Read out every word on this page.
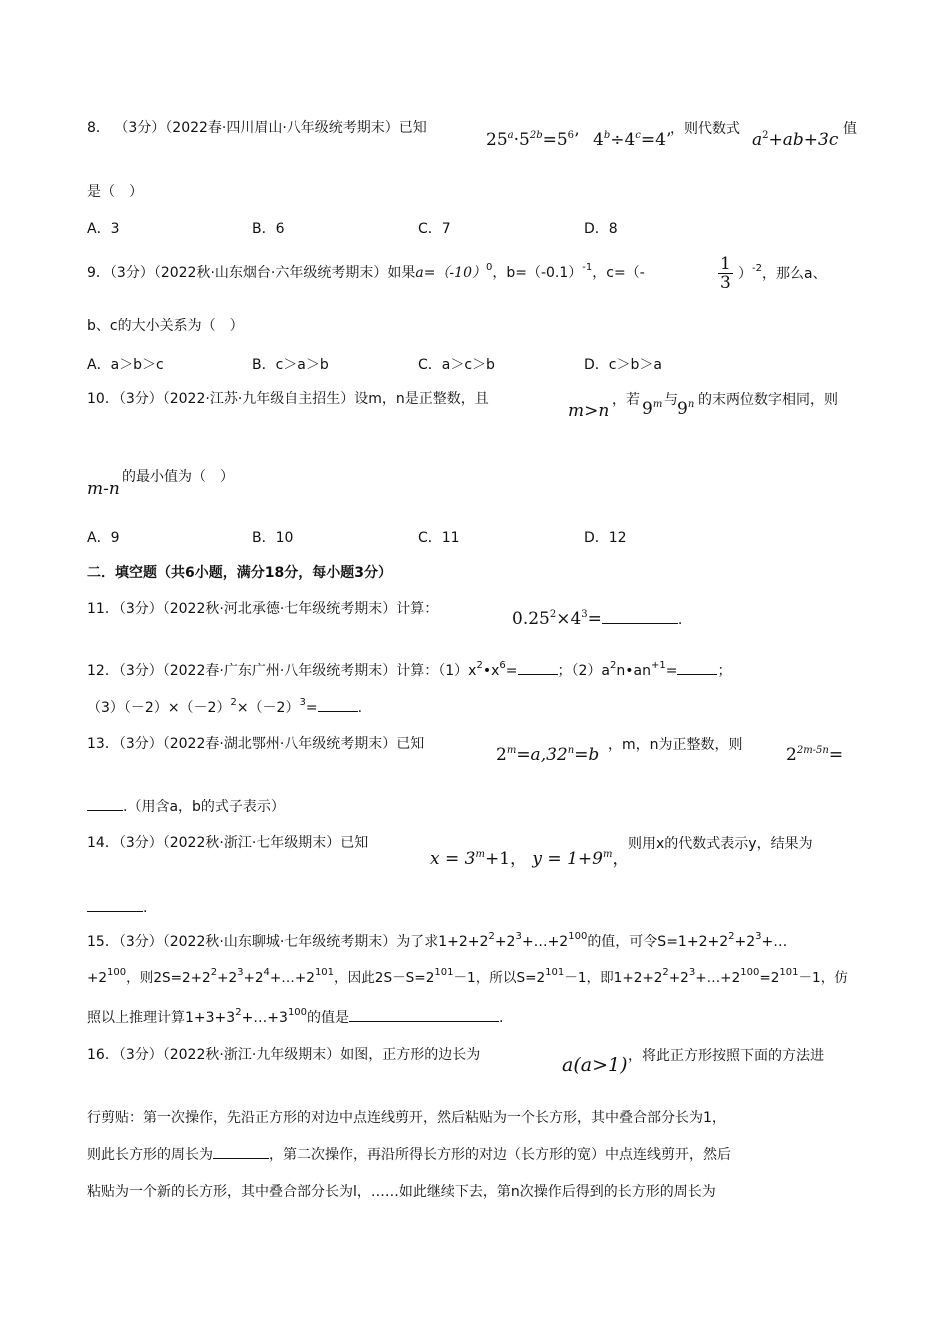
8． （3分）（2022春·四川眉山·八年级统考期末）已知
$25^a\cdot 5^{2b}=5^6$’ $4^b\div 4^c=4$’
，则代数式
$a^2+ab+3c$
值
是（　）
A．3	B．6	C．7	D．8
9．（3分）（2022秋·山东烟台·六年级统考期末）如果$a=(-10)^0$，$b=(-0.1)^{-1}$，c=（-	$\frac{1}{3} )^{-2}$，那么a、
b、c的大小关系为（　）
A．a＞b＞c	B．c＞a＞b	C．a＞c＞b	D．c＞b＞a
10．（3分）（2022·江苏·九年级自主招生）设m，n是正整数，且
m>n
，若 9$^m$ 与 9$^n$ 的末两位数字相同，则
的最小值为（　）
m-n
A．9	B．10	C．11	D．12
二．填空题（共6小题，满分18分，每小题3分）
11．（3分）（2022秋·河北承德·七年级统考期末）计算：	$0.25^2\times 4^3=$	.
12．（3分）（2022春·广东广州·八年级统考期末）计算：$(1)x^2•x^6=$	；$(2)a^2n•an^{+1}=$	；
$(3)(-2)\times(-2)^2\times(-2)^3=$	.
13．（3分）（2022春·湖北鄂州·八年级统考期末）已知
$2^m=a,32^n=b$ ，m，n为正整数，则	$2^{2m-5n}=$
.（用含a，b的式子表示）
14．（3分）（2022秋·浙江·七年级期末）已知
$x = 3^m+1$， $y = 1+9^m$，
则用x的代数式表示y，结果为
.
15．（3分）（2022秋·山东聊城·七年级统考期末）为了求$1+2+2^2+2^3+\dots+2^{100}$的值，可令$S=1+2+2^2+2^3+\dots$
$+2^{100}$，则$2S=2+2^2+2^3+2^4+\dots+2^{101}$，因此$2S-S=2^{101}-1$，所以$S=2^{101}-1$，即$1+2+2^2+2^3+\dots+2^{100}=2^{101}-1$，仿
照以上推理计算$1+3+3^2+\dots+3^{100}$的值是	.
16．（3分）（2022秋·浙江·九年级期末）如图，正方形的边长为	a(a>1) ，将此正方形按照下面的方法进
行剪贴：第一次操作，先沿正方形的对边中点连线剪开，然后粘贴为一个长方形，其中叠合部分长为1，
则此长方形的周长为	，第二次操作，再沿所得长方形的对边（长方形的宽）中点连线剪开，然后
粘贴为一个新的长方形，其中叠合部分长为l，……如此继续下去，第n次操作后得到的长方形的周长为
